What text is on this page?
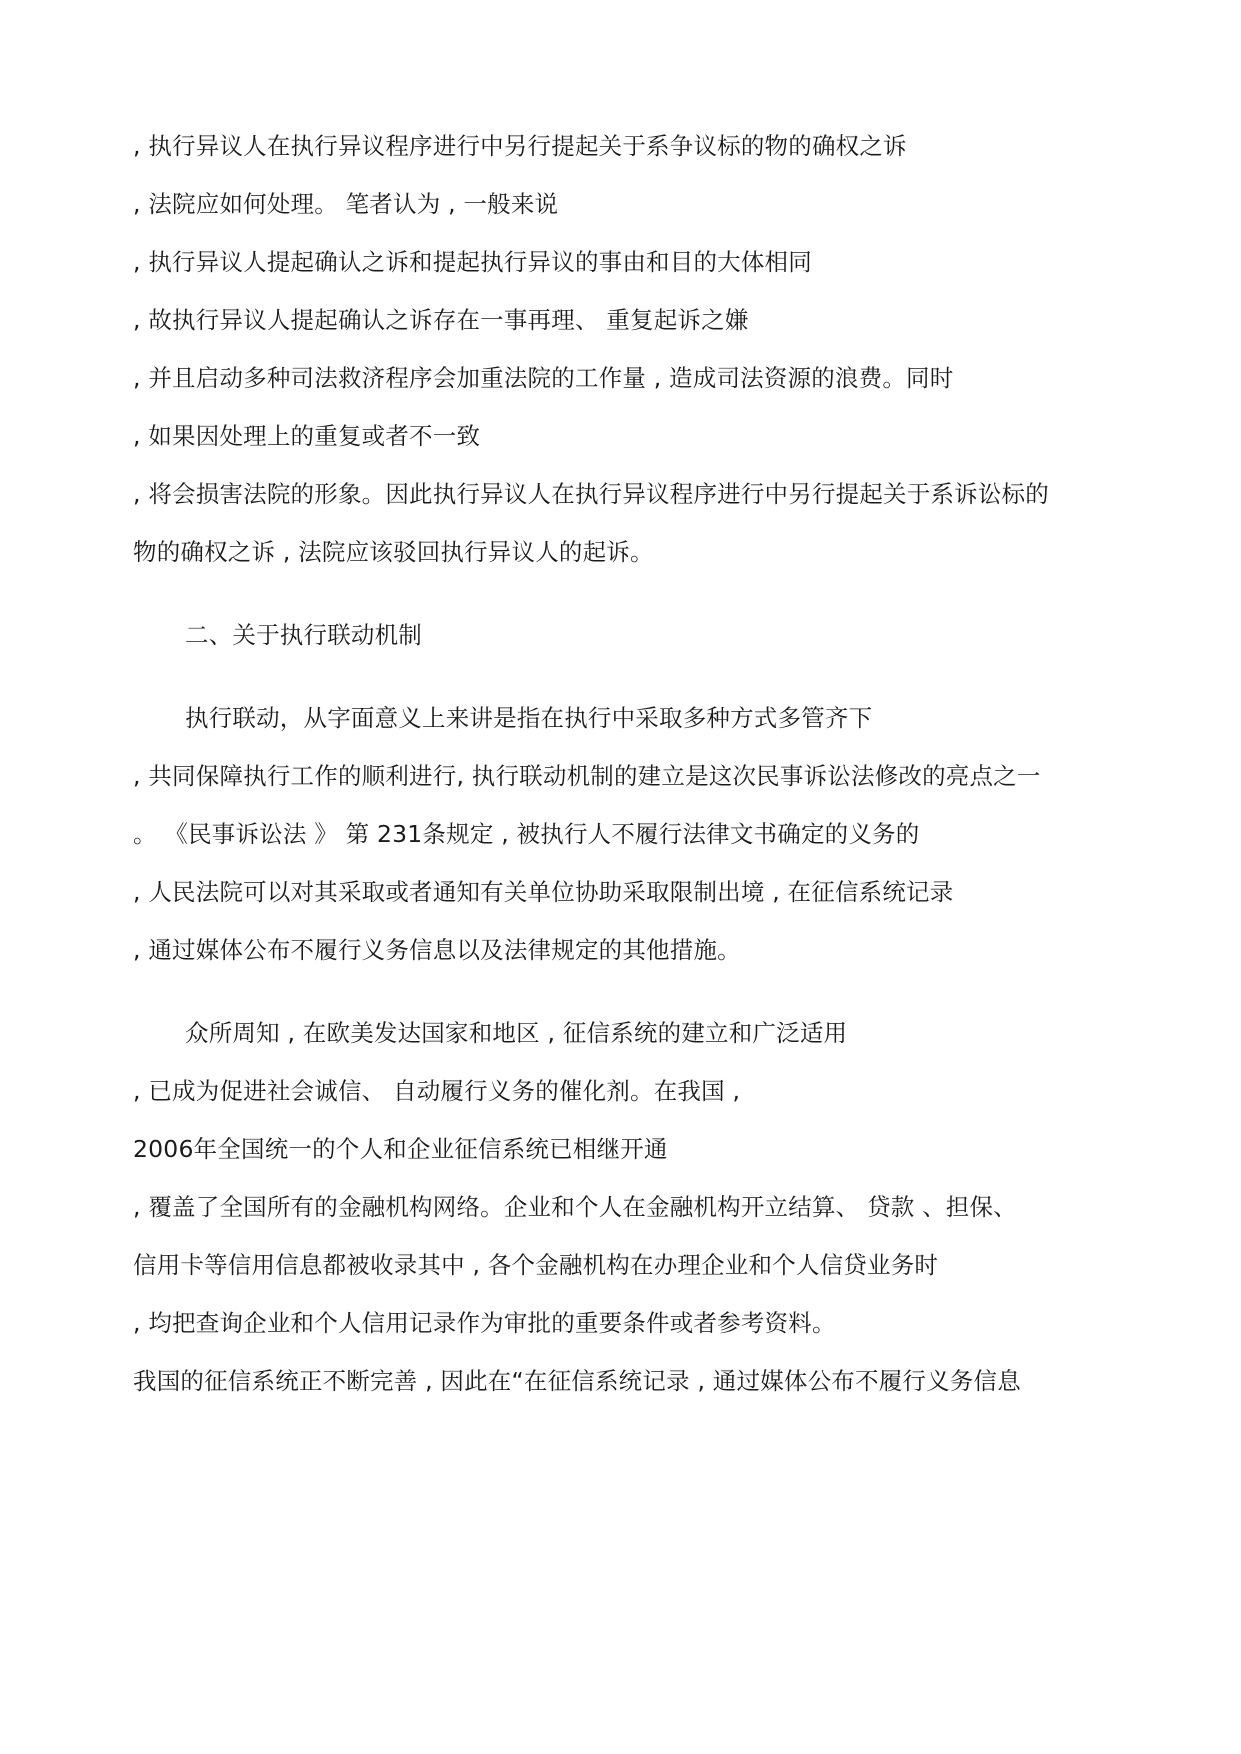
, 执行异议人在执行异议程序进行中另行提起关于系争议标的物的确权之诉
, 法院应如何处理。 笔者认为 , 一般来说
, 执行异议人提起确认之诉和提起执行异议的事由和目的大体相同
, 故执行异议人提起确认之诉存在一事再理、 重复起诉之嫌
, 并且启动多种司法救济程序会加重法院的工作量 , 造成司法资源的浪费。同时
, 如果因处理上的重复或者不一致
, 将会损害法院的形象。因此执行异议人在执行异议程序进行中另行提起关于系诉讼标的
物的确权之诉 , 法院应该驳回执行异议人的起诉。
二、关于执行联动机制
执行联动，从字面意义上来讲是指在执行中采取多种方式多管齐下
, 共同保障执行工作的顺利进行, 执行联动机制的建立是这次民事诉讼法修改的亮点之一
。 《民事诉讼法 》 第 231条规定 , 被执行人不履行法律文书确定的义务的
, 人民法院可以对其采取或者通知有关单位协助采取限制出境 , 在征信系统记录
, 通过媒体公布不履行义务信息以及法律规定的其他措施。
众所周知 , 在欧美发达国家和地区 , 征信系统的建立和广泛适用
, 已成为促进社会诚信、 自动履行义务的催化剂。在我国 ,
2006年全国统一的个人和企业征信系统已相继开通
, 覆盖了全国所有的金融机构网络。企业和个人在金融机构开立结算、 贷款 、担保、
信用卡等信用信息都被收录其中 , 各个金融机构在办理企业和个人信贷业务时
, 均把查询企业和个人信用记录作为审批的重要条件或者参考资料。
我国的征信系统正不断完善 , 因此在“在征信系统记录 , 通过媒体公布不履行义务信息
